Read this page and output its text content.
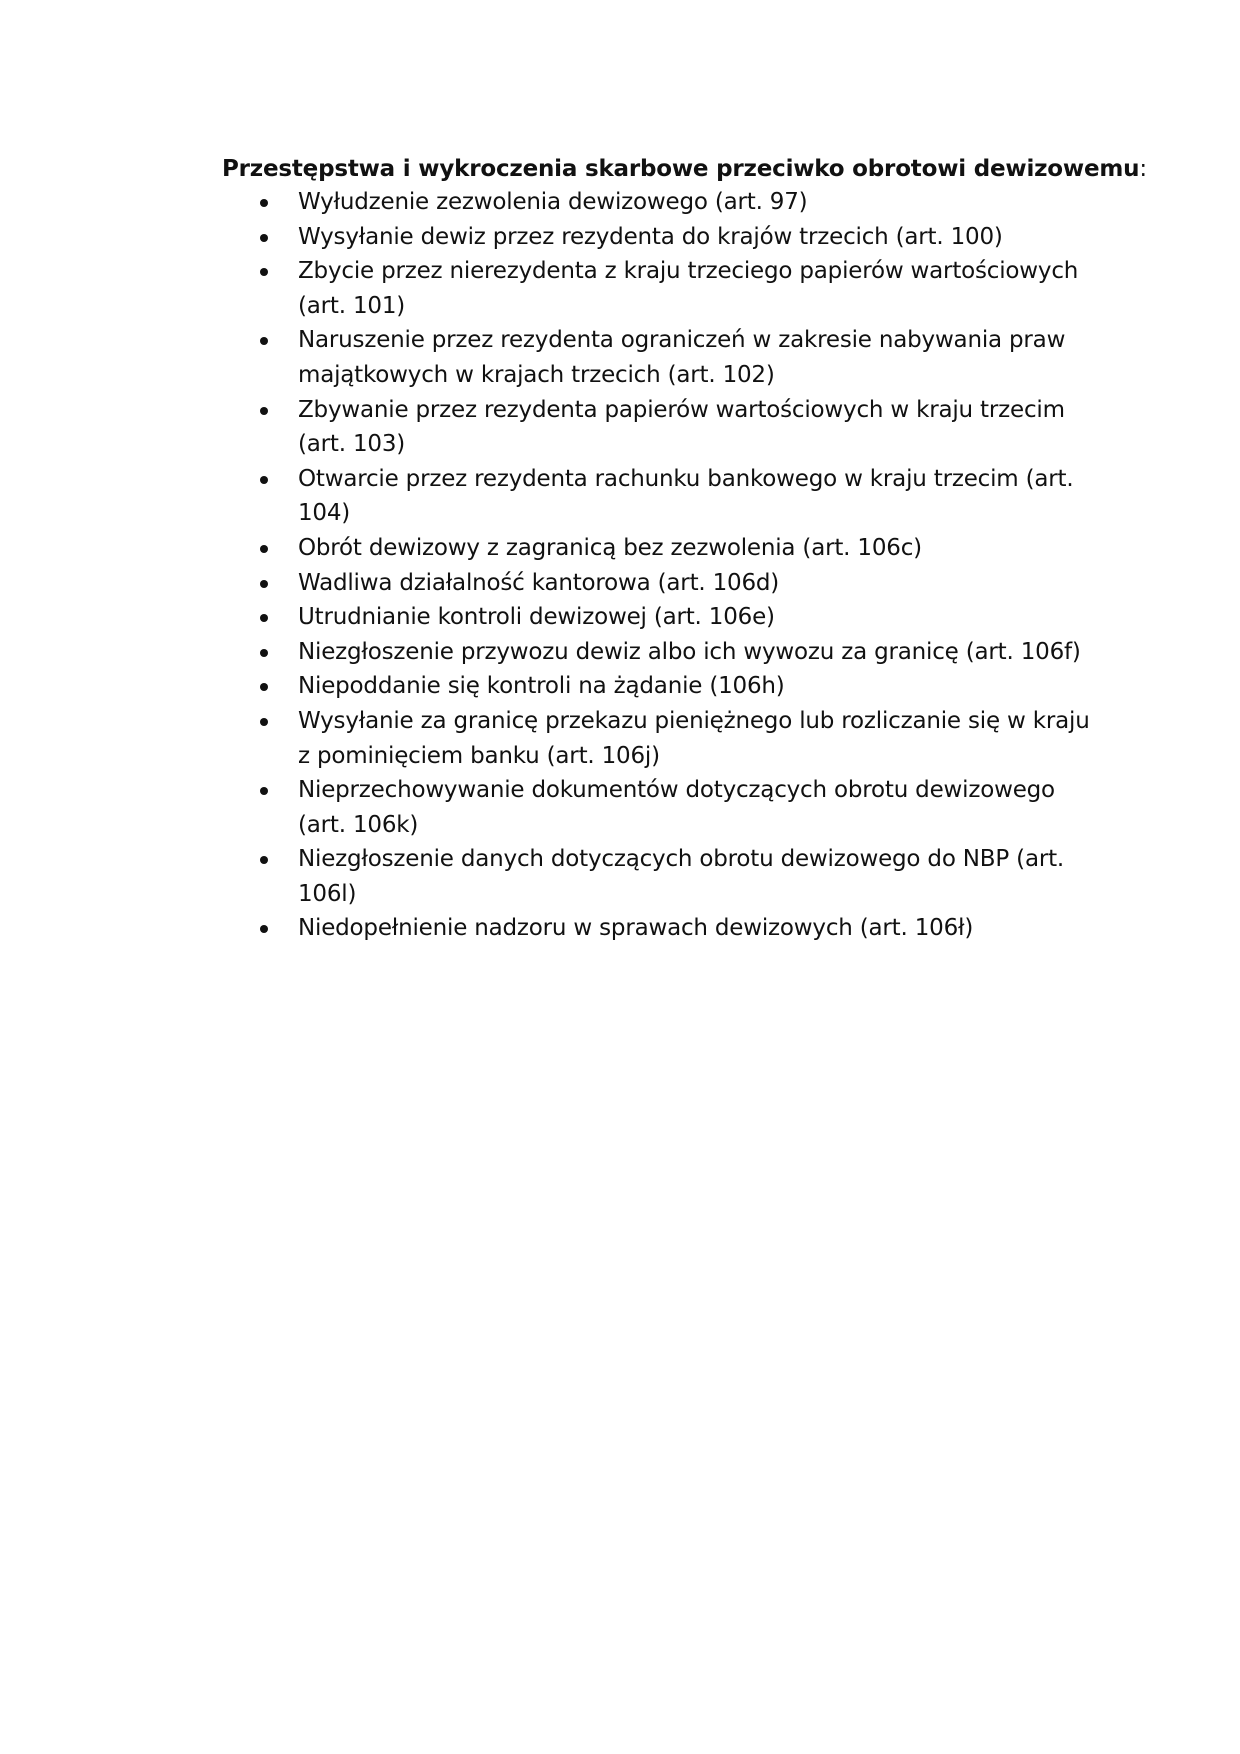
Przestępstwa i wykroczenia skarbowe przeciwko obrotowi dewizowemu:
Wyłudzenie zezwolenia dewizowego (art. 97)
Wysyłanie dewiz przez rezydenta do krajów trzecich (art. 100)
Zbycie przez nierezydenta z kraju trzeciego papierów wartościowych (art. 101)
Naruszenie przez rezydenta ograniczeń w zakresie nabywania praw majątkowych w krajach trzecich (art. 102)
Zbywanie przez rezydenta papierów wartościowych w kraju trzecim (art. 103)
Otwarcie przez rezydenta rachunku bankowego w kraju trzecim (art. 104)
Obrót dewizowy z zagranicą bez zezwolenia (art. 106c)
Wadliwa działalność kantorowa (art. 106d)
Utrudnianie kontroli dewizowej (art. 106e)
Niezgłoszenie przywozu dewiz albo ich wywozu za granicę (art. 106f)
Niepoddanie się kontroli na żądanie (106h)
Wysyłanie za granicę przekazu pieniężnego lub rozliczanie się w kraju z pominięciem banku (art. 106j)
Nieprzechowywanie dokumentów dotyczących obrotu dewizowego (art. 106k)
Niezgłoszenie danych dotyczących obrotu dewizowego do NBP (art. 106l)
Niedopełnienie nadzoru w sprawach dewizowych (art. 106ł)
